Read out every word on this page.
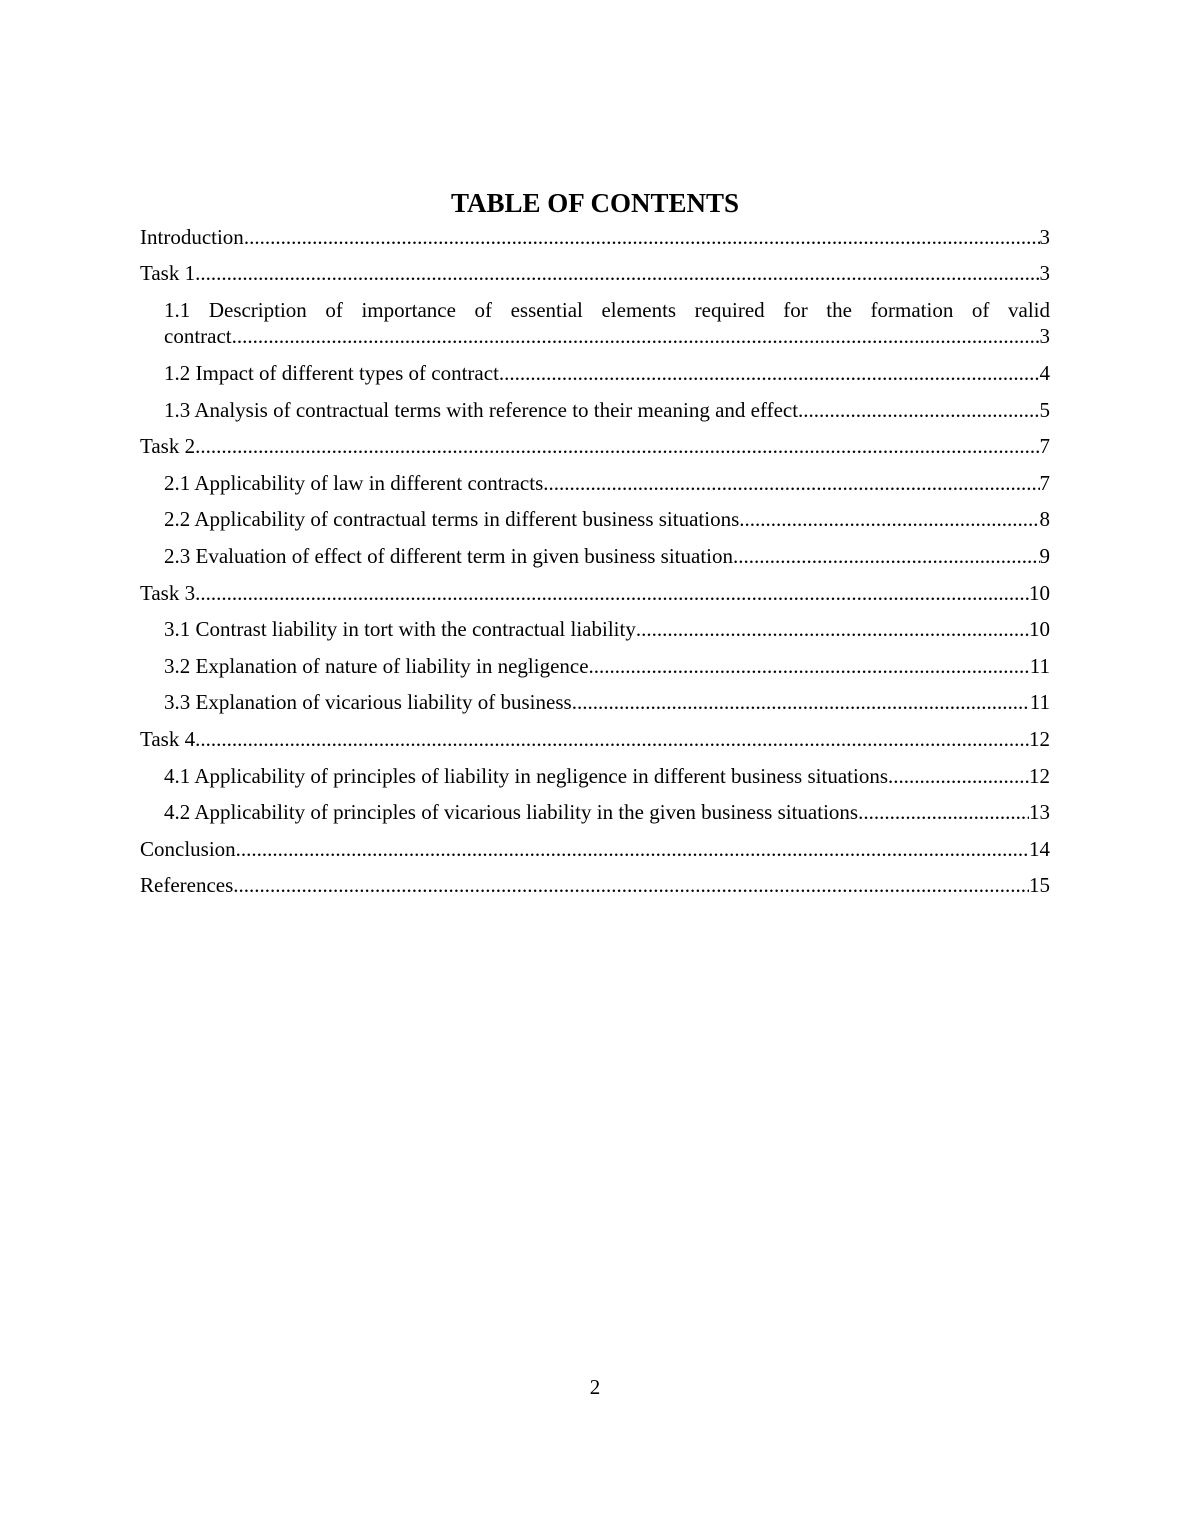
TABLE OF CONTENTS
Introduction .....	3
Task 1 .....	3
1.1 Description of importance of essential elements required for the formation of valid
contract .....	3
1.2 Impact of different types of contract .....	4
1.3 Analysis of contractual terms with reference to their meaning and effect .....	5
Task 2 .....	7
2.1 Applicability of law in different contracts .....	7
2.2 Applicability of contractual terms in different business situations .....	8
2.3 Evaluation of effect of different term in given business situation .....	9
Task 3 .....	10
3.1 Contrast liability in tort with the contractual liability .....	10
3.2 Explanation of nature of liability in negligence .....	11
3.3 Explanation of vicarious liability of business .....	11
Task 4 .....	12
4.1 Applicability of principles of liability in negligence in different business situations .....	12
4.2 Applicability of principles of vicarious liability in the given business situations .....	13
Conclusion .....	14
References .....	15
2
